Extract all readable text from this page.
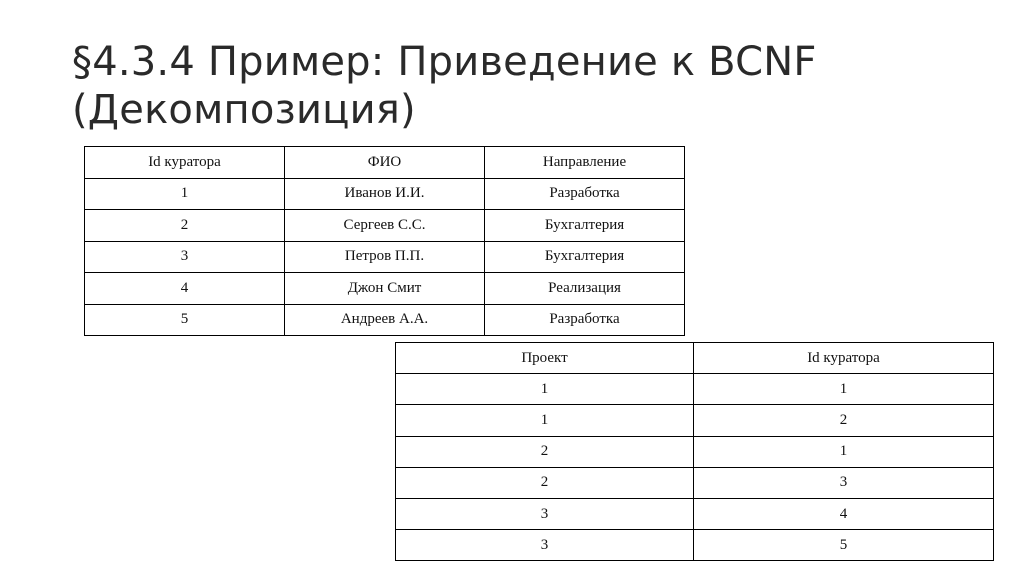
§4.3.4 Пример: Приведение к BCNF
(Декомпозиция)
Id куратора	ФИО	Направление
1	Иванов И.И.	Разработка
2	Сергеев С.С.	Бухгалтерия
3	Петров П.П.	Бухгалтерия
4	Джон Смит	Реализация
5	Андреев А.А.	Разработка
Проект	Id куратора
1	1
1	2
2	1
2	3
3	4
3	5
